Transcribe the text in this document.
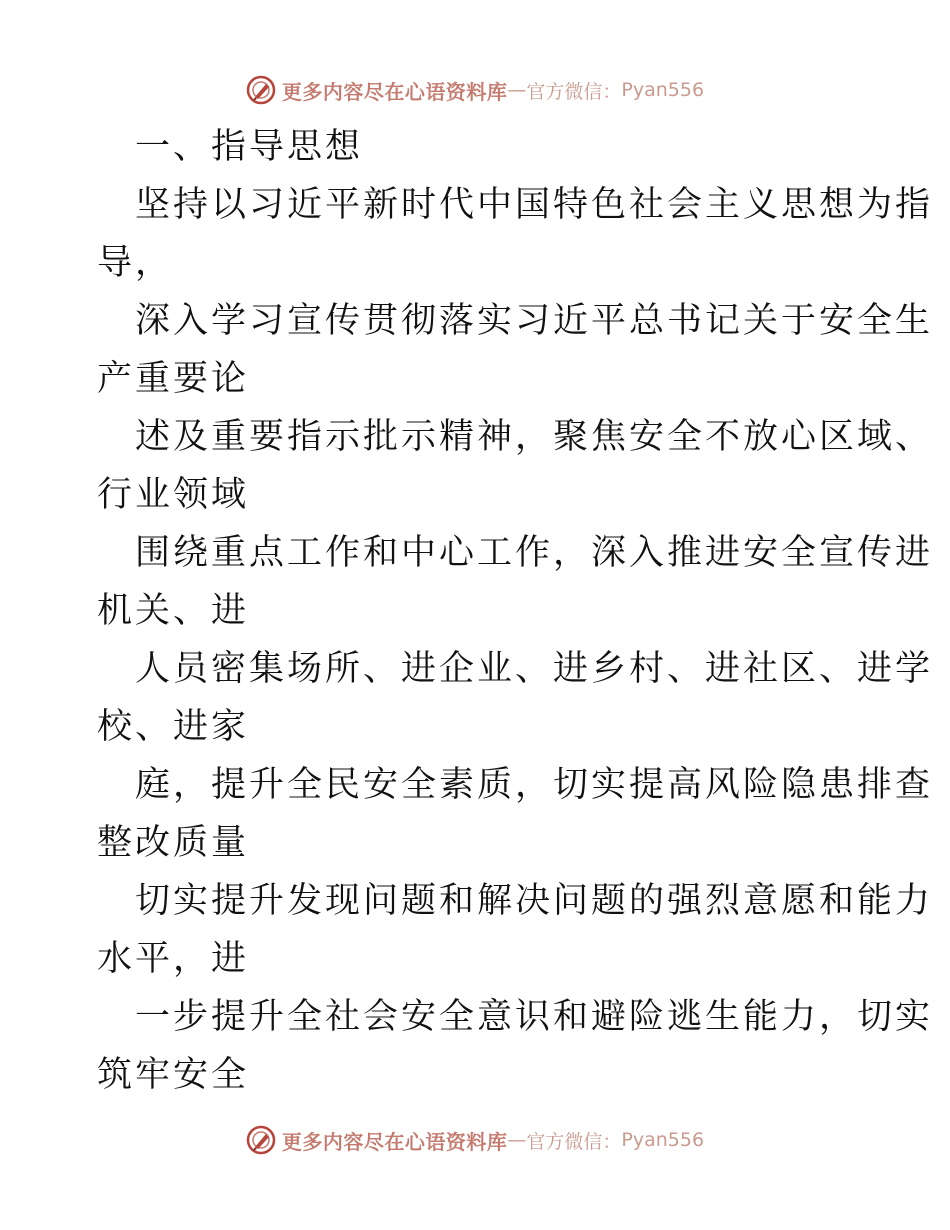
更多内容尽在心语资料库 — 官方微信： Pyan556
一、指导思想
坚持以习近平新时代中国特色社会主义思想为指
导，
深入学习宣传贯彻落实习近平总书记关于安全生
产重要论
述及重要指示批示精神，聚焦安全不放心区域、
行业领域
围绕重点工作和中心工作，深入推进安全宣传进
机关、进
人员密集场所、进企业、进乡村、进社区、进学
校、进家
庭，提升全民安全素质，切实提高风险隐患排查
整改质量
切实提升发现问题和解决问题的强烈意愿和能力
水平，进
一步提升全社会安全意识和避险逃生能力，切实
筑牢安全
更多内容尽在心语资料库 — 官方微信： Pyan556
